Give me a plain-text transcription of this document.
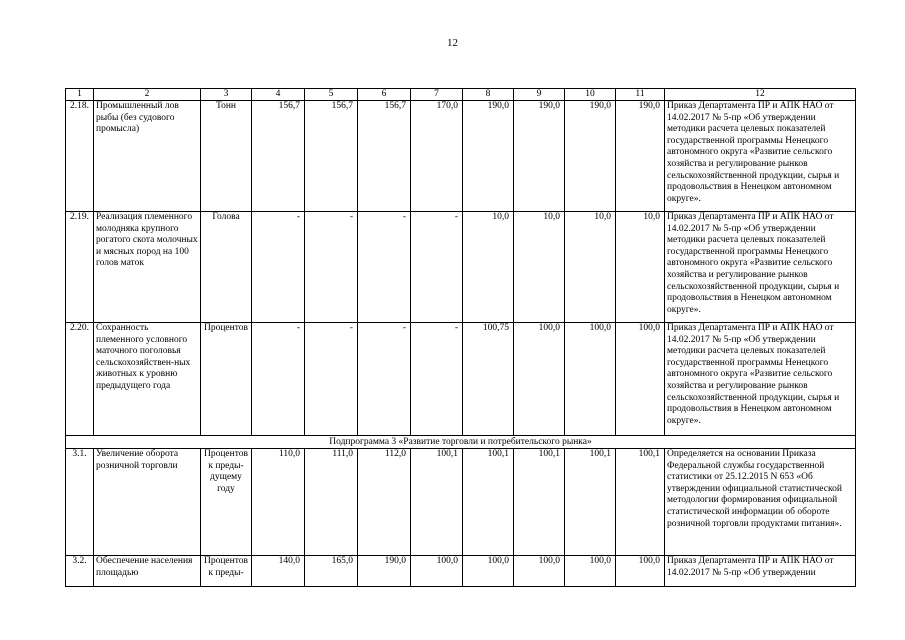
12
1	2	3	4	5	6	7	8	9	10	11	12
2.18.	Промышленный лов рыбы (без судового промысла)	Тонн	156,7	156,7	156,7	170,0	190,0	190,0	190,0	190,0	Приказ Департамента ПР и АПК НАО от 14.02.2017 № 5-пр «Об утверждении методики расчета целевых показателей государственной программы Ненецкого автономного округа «Развитие сельского хозяйства и регулирование рынков сельскохозяйственной продукции, сырья и продовольствия в Ненецком автономном округе».
2.19.	Реализация племенного молодняка крупного рогатого скота молочных и мясных пород на 100 голов маток	Голова	-	-	-	-	10,0	10,0	10,0	10,0	Приказ Департамента ПР и АПК НАО от 14.02.2017 № 5-пр «Об утверждении методики расчета целевых показателей государственной программы Ненецкого автономного округа «Развитие сельского хозяйства и регулирование рынков сельскохозяйственной продукции, сырья и продовольствия в Ненецком автономном округе».
2.20.	Сохранность племенного условного маточного поголовья сельскохозяйствен-ных животных к уровню предыдущего года	Процентов	-	-	-	-	100,75	100,0	100,0	100,0	Приказ Департамента ПР и АПК НАО от 14.02.2017 № 5-пр «Об утверждении методики расчета целевых показателей государственной программы Ненецкого автономного округа «Развитие сельского хозяйства и регулирование рынков сельскохозяйственной продукции, сырья и продовольствия в Ненецком автономном округе».
Подпрограмма 3 «Развитие торговли и потребительского рынка»											
3.1.	Увеличение оборота розничной торговли	Процентов к преды-дущему году	110,0	111,0	112,0	100,1	100,1	100,1	100,1	100,1	Определяется на основании Приказа Федеральной службы государственной статистики от 25.12.2015 N 653 «Об утверждении официальной статистической методологии формирования официальной статистической информации об обороте розничной торговли продуктами питания».
3.2.	Обеспечение населения площадью	Процентов к преды-	140,0	165,0	190,0	100,0	100,0	100,0	100,0	100,0	Приказ Департамента ПР и АПК НАО от 14.02.2017 № 5-пр «Об утверждении
